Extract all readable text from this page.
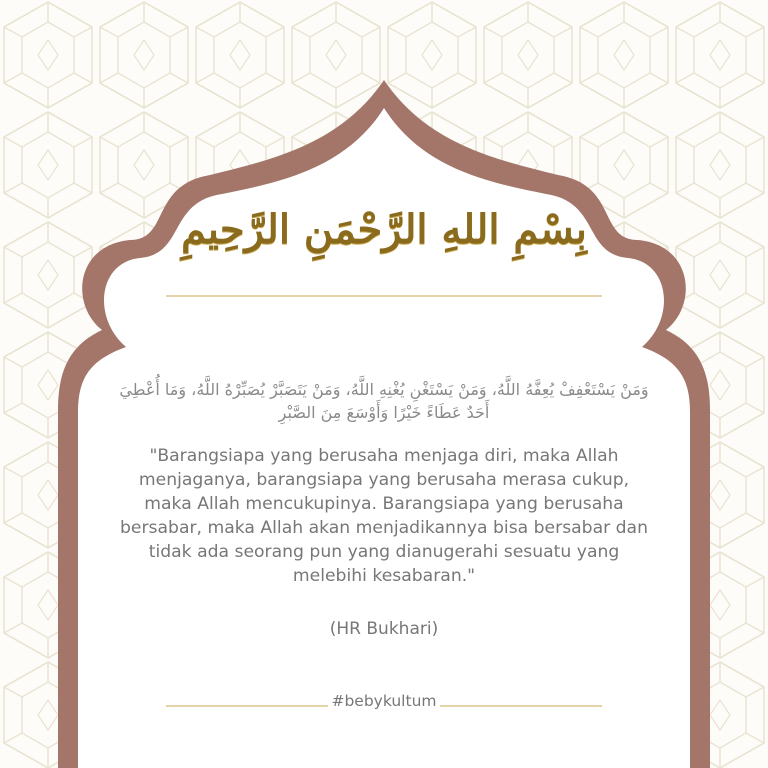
بِسْمِ اللهِ الرَّحْمَنِ الرَّحِيمِ
وَمَنْ يَسْتَعْفِفْ يُعِفَّهُ اللَّهُ، وَمَنْ يَسْتَغْنِ يُغْنِهِ اللَّهُ، وَمَنْ يَتَصَبَّرْ يُصَبِّرْهُ اللَّهُ، وَمَا أُعْطِيَ أَحَدٌ عَطَاءً خَيْرًا وَأَوْسَعَ مِنَ الصَّبْرِ
"Barangsiapa yang berusaha menjaga diri, maka Allah menjaganya, barangsiapa yang berusaha merasa cukup, maka Allah mencukupinya. Barangsiapa yang berusaha bersabar, maka Allah akan menjadikannya bisa bersabar dan tidak ada seorang pun yang dianugerahi sesuatu yang melebihi kesabaran."
(HR Bukhari)
#bebykultum
